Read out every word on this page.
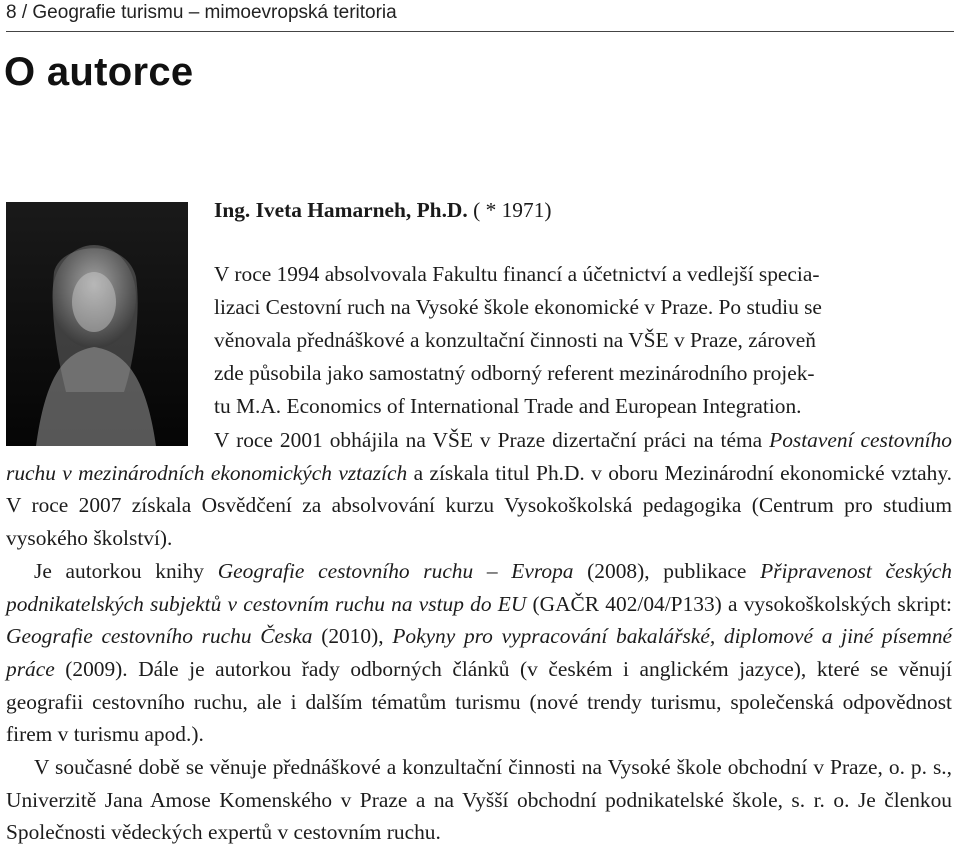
8 / Geografie turismu – mimoevropská teritoria
O autorce
Ing. Iveta Hamarneh, Ph.D. ( * 1971)
V roce 1994 absolvovala Fakultu financí a účetnictví a vedlejší specia-
lizaci Cestovní ruch na Vysoké škole ekonomické v Praze. Po studiu se
věnovala přednáškové a konzultační činnosti na VŠE v Praze, zároveň
zde působila jako samostatný odborný referent mezinárodního projek-
tu M.A. Economics of International Trade and European Integration.

V roce 2001 obhájila na VŠE v Praze dizertační práci na téma Postavení cestovního ruchu v mezinárodních ekonomických vztazích a získala titul Ph.D. v oboru Mezinárodní ekonomické vztahy. V roce 2007 získala Osvědčení za absolvování kurzu Vysokoškolská pedagogika (Centrum pro studium vysokého školství).

Je autorkou knihy Geografie cestovního ruchu – Evropa (2008), publikace Připravenost českých podnikatelských subjektů v cestovním ruchu na vstup do EU (GAČR 402/04/P133) a vysokoškolských skript: Geografie cestovního ruchu Česka (2010), Pokyny pro vypracování bakalářské, diplomové a jiné písemné práce (2009). Dále je autorkou řady odborných článků (v českém i anglickém jazyce), které se věnují geografii cestovního ruchu, ale i dalším tématům turismu (nové trendy turismu, společenská odpovědnost firem v turismu apod.).

V současné době se věnuje přednáškové a konzultační činnosti na Vysoké škole obchodní v Praze, o. p. s., Univerzitě Jana Amose Komenského v Praze a na Vyšší obchodní podnikatelské škole, s. r. o. Je členkou Společnosti vědeckých expertů v cestovním ruchu.
